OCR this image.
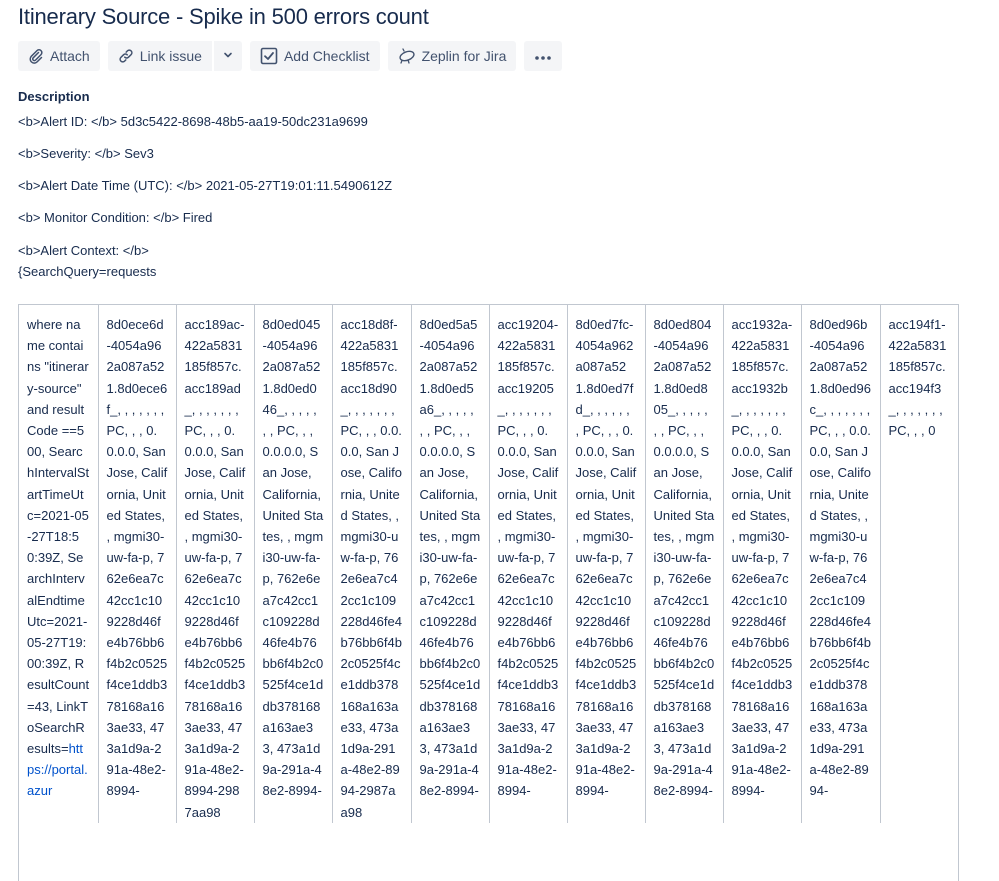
Itinerary Source - Spike in 500 errors count
Attach	Link issue	Add Checklist	Zeplin for Jira
Description
<b>Alert ID: </b> 5d3c5422-8698-48b5-aa19-50dc231a9699
<b>Severity: </b> Sev3
<b>Alert Date Time (UTC): </b> 2021-05-27T19:01:11.5490612Z
<b> Monitor Condition: </b> Fired
<b>Alert Context: </b>
{SearchQuery=requests
where name contains "itinerary-source" and resultCode ==500, SearchIntervalStartTimeUtc=2021-05-27T18:50:39Z, SearchIntervalEndtimeUtc=2021-05-27T19:00:39Z, ResultCount=43, LinkToSearchResults=https://portal.azur	8d0ece6d-4054a962a087a521.8d0ece6f_, , , , , , , PC, , , 0.0.0.0, San Jose, California, United States, , mgmi30-uw-fa-p, 762e6ea7c42cc1c109228d46fe4b76bb6f4b2c0525f4ce1ddb378168a163ae33, 473a1d9a-291a-48e2-8994-	acc189ac-422a5831185f857c.acc189ad_, , , , , , , PC, , , 0.0.0.0, San Jose, California, United States, , mgmi30-uw-fa-p, 762e6ea7c42cc1c109228d46fe4b76bb6f4b2c0525f4ce1ddb378168a163ae33, 473a1d9a-291a-48e2-8994-2987aa98	8d0ed045-4054a962a087a521.8d0ed046_, , , , , , , PC, , , 0.0.0.0, San Jose, California, United States, , mgmi30-uw-fa-p, 762e6ea7c42cc1c109228d46fe4b76bb6f4b2c0525f4ce1ddb378168a163ae33, 473a1d9a-291a-48e2-8994-	acc18d8f-422a5831185f857c.acc18d90_, , , , , , , PC, , , 0.0.0.0, San Jose, California, United States, , mgmi30-uw-fa-p, 762e6ea7c42cc1c109228d46fe4b76bb6f4b2c0525f4ce1ddb378168a163ae33, 473a1d9a-291a-48e2-8994-2987aa98	8d0ed5a5-4054a962a087a521.8d0ed5a6_, , , , , , , PC, , , 0.0.0.0, San Jose, California, United States, , mgmi30-uw-fa-p, 762e6ea7c42cc1c109228d46fe4b76bb6f4b2c0525f4ce1ddb378168a163ae33, 473a1d9a-291a-48e2-8994-	acc19204-422a5831185f857c.acc19205_, , , , , , , PC, , , 0.0.0.0, San Jose, California, United States, , mgmi30-uw-fa-p, 762e6ea7c42cc1c109228d46fe4b76bb6f4b2c0525f4ce1ddb378168a163ae33, 473a1d9a-291a-48e2-8994-	8d0ed7fc-4054a962a087a521.8d0ed7fd_, , , , , , , PC, , , 0.0.0.0, San Jose, California, United States, , mgmi30-uw-fa-p, 762e6ea7c42cc1c109228d46fe4b76bb6f4b2c0525f4ce1ddb378168a163ae33, 473a1d9a-291a-48e2-8994-	8d0ed804-4054a962a087a521.8d0ed805_, , , , , , , PC, , , 0.0.0.0, San Jose, California, United States, , mgmi30-uw-fa-p, 762e6ea7c42cc1c109228d46fe4b76bb6f4b2c0525f4ce1ddb378168a163ae33, 473a1d9a-291a-48e2-8994-	acc1932a-422a5831185f857c.acc1932b_, , , , , , , PC, , , 0.0.0.0, San Jose, California, United States, , mgmi30-uw-fa-p, 762e6ea7c42cc1c109228d46fe4b76bb6f4b2c0525f4ce1ddb378168a163ae33, 473a1d9a-291a-48e2-8994-	8d0ed96b-4054a962a087a521.8d0ed96c_, , , , , , , PC, , , 0.0.0.0, San Jose, California, United States, , mgmi30-uw-fa-p, 762e6ea7c42cc1c109228d46fe4b76bb6f4b2c0525f4ce1ddb378168a163ae33, 473a1d9a-291a-48e2-8994-	acc194f1-422a5831185f857c.acc194f3_, , , , , , , PC, , , 0
